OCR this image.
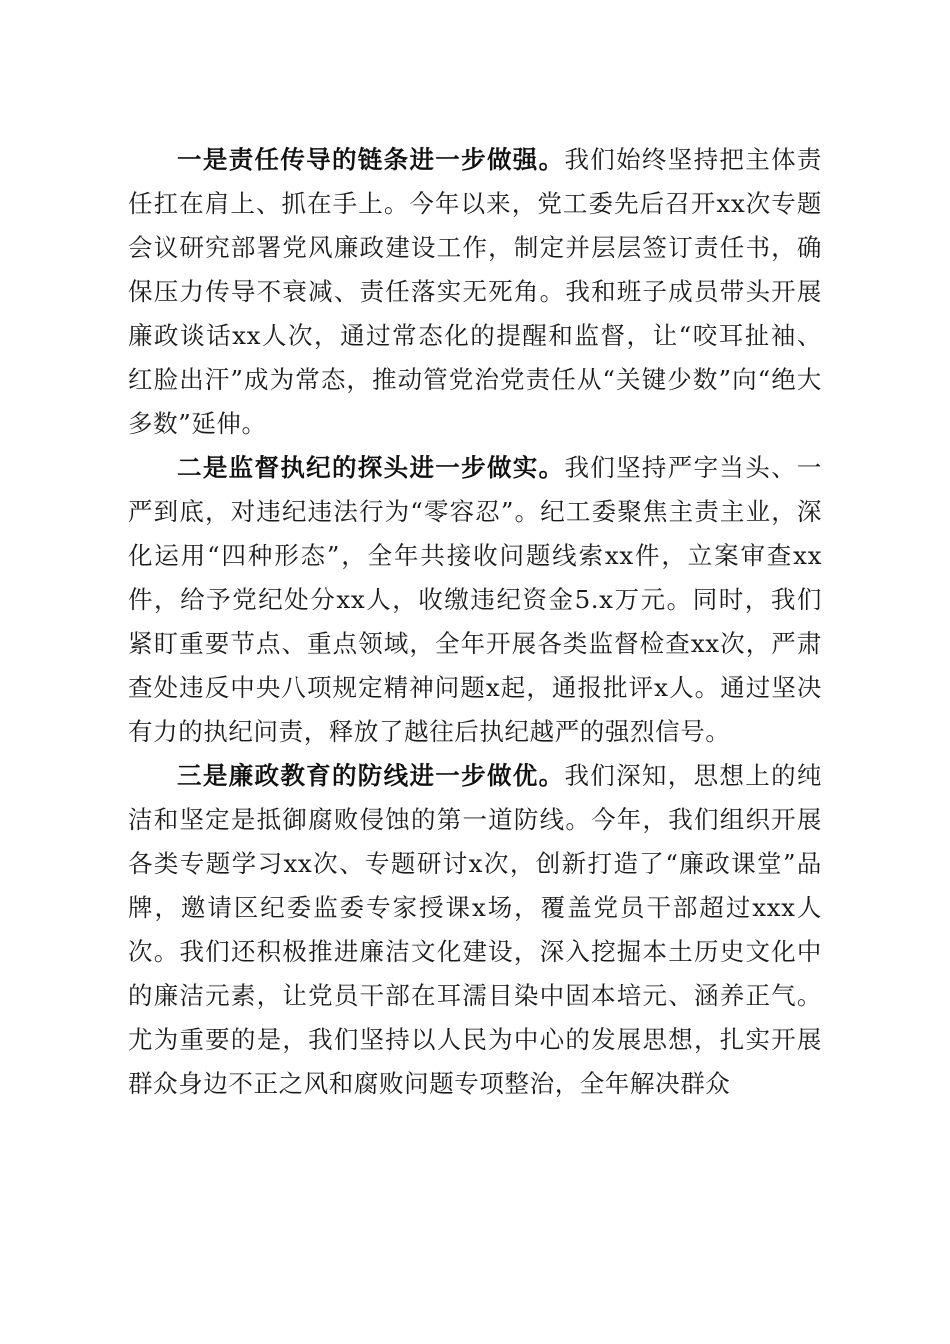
一是责任传导的链条进一步做强。我们始终坚持把主体责任扛在肩上、抓在手上。今年以来，党工委先后召开xx次专题会议研究部署党风廉政建设工作，制定并层层签订责任书，确保压力传导不衰减、责任落实无死角。我和班子成员带头开展廉政谈话xx人次，通过常态化的提醒和监督，让“咬耳扯袖、红脸出汗”成为常态，推动管党治党责任从“关键少数”向“绝大多数”延伸。

二是监督执纪的探头进一步做实。我们坚持严字当头、一严到底，对违纪违法行为“零容忍”。纪工委聚焦主责主业，深化运用“四种形态”，全年共接收问题线索xx件，立案审查xx件，给予党纪处分xx人，收缴违纪资金5.x万元。同时，我们紧盯重要节点、重点领域，全年开展各类监督检查xx次，严肃查处违反中央八项规定精神问题x起，通报批评x人。通过坚决有力的执纪问责，释放了越往后执纪越严的强烈信号。

三是廉政教育的防线进一步做优。我们深知，思想上的纯洁和坚定是抵御腐败侵蚀的第一道防线。今年，我们组织开展各类专题学习xx次、专题研讨x次，创新打造了“廉政课堂”品牌，邀请区纪委监委专家授课x场，覆盖党员干部超过xxx人次。我们还积极推进廉洁文化建设，深入挖掘本土历史文化中的廉洁元素，让党员干部在耳濡目染中固本培元、涵养正气。尤为重要的是，我们坚持以人民为中心的发展思想，扎实开展群众身边不正之风和腐败问题专项整治，全年解决群众
